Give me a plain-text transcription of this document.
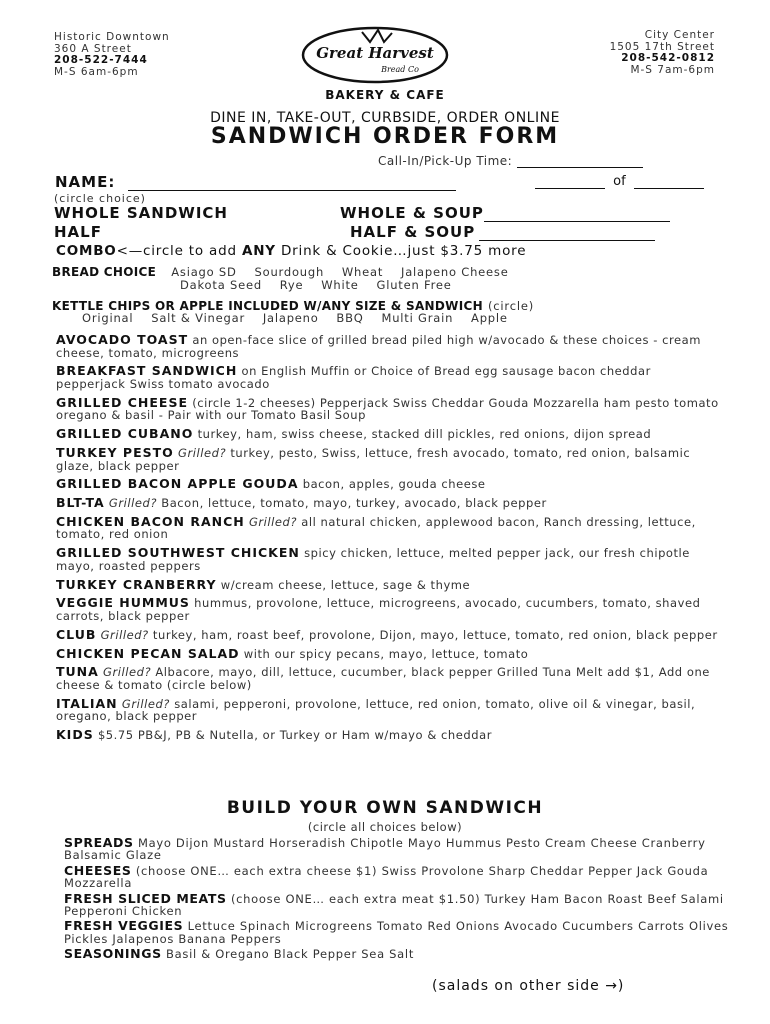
Historic Downtown
360 A Street
208-522-7444
M-S 6am-6pm
City Center
1505 17th Street
208-542-0812
M-S 7am-6pm
Great Harvest
Bread Co
BAKERY & CAFE
DINE IN, TAKE-OUT, CURBSIDE, ORDER ONLINE
SANDWICH ORDER FORM
Call-In/Pick-Up Time:
NAME:	of
(circle choice)
WHOLE SANDWICH
HALF
WHOLE & SOUP
HALF & SOUP
COMBO<—circle to add ANY Drink & Cookie…just $3.75 more
BREAD CHOICE Asiago SD    Sourdough    Wheat    Jalapeno Cheese
Dakota Seed    Rye    White    Gluten Free
KETTLE CHIPS OR APPLE INCLUDED W/ANY SIZE & SANDWICH (circle)
Original    Salt & Vinegar    Jalapeno    BBQ    Multi Grain    Apple
AVOCADO TOAST an open-face slice of grilled bread piled high w/avocado & these choices - cream cheese, tomato, microgreens
BREAKFAST SANDWICH on English Muffin or Choice of Bread egg sausage bacon cheddar pepperjack Swiss tomato avocado
GRILLED CHEESE (circle 1-2 cheeses) Pepperjack Swiss Cheddar Gouda Mozzarella ham pesto tomato oregano & basil - Pair with our Tomato Basil Soup
GRILLED CUBANO turkey, ham, swiss cheese, stacked dill pickles, red onions, dijon spread
TURKEY PESTO Grilled? turkey, pesto, Swiss, lettuce, fresh avocado, tomato, red onion, balsamic glaze, black pepper
GRILLED BACON APPLE GOUDA bacon, apples, gouda cheese
BLT-TA Grilled? Bacon, lettuce, tomato, mayo, turkey, avocado, black pepper
CHICKEN BACON RANCH Grilled? all natural chicken, applewood bacon, Ranch dressing, lettuce, tomato, red onion
GRILLED SOUTHWEST CHICKEN spicy chicken, lettuce, melted pepper jack, our fresh chipotle mayo, roasted peppers
TURKEY CRANBERRY w/cream cheese, lettuce, sage & thyme
VEGGIE HUMMUS hummus, provolone, lettuce, microgreens, avocado, cucumbers, tomato, shaved carrots, black pepper
CLUB Grilled? turkey, ham, roast beef, provolone, Dijon, mayo, lettuce, tomato, red onion, black pepper
CHICKEN PECAN SALAD with our spicy pecans, mayo, lettuce, tomato
TUNA Grilled? Albacore, mayo, dill, lettuce, cucumber, black pepper Grilled Tuna Melt add $1, Add one cheese & tomato (circle below)
ITALIAN Grilled? salami, pepperoni, provolone, lettuce, red onion, tomato, olive oil & vinegar, basil, oregano, black pepper
KIDS $5.75 PB&J, PB & Nutella, or Turkey or Ham w/mayo & cheddar
BUILD YOUR OWN SANDWICH
(circle all choices below)
SPREADS Mayo Dijon Mustard Horseradish Chipotle Mayo Hummus Pesto Cream Cheese Cranberry Balsamic Glaze
CHEESES (choose ONE… each extra cheese $1) Swiss Provolone Sharp Cheddar Pepper Jack Gouda Mozzarella
FRESH SLICED MEATS (choose ONE… each extra meat $1.50) Turkey Ham Bacon Roast Beef Salami Pepperoni Chicken
FRESH VEGGIES Lettuce Spinach Microgreens Tomato Red Onions Avocado Cucumbers Carrots Olives Pickles Jalapenos Banana Peppers
SEASONINGS Basil & Oregano Black Pepper Sea Salt
(salads on other side →)
